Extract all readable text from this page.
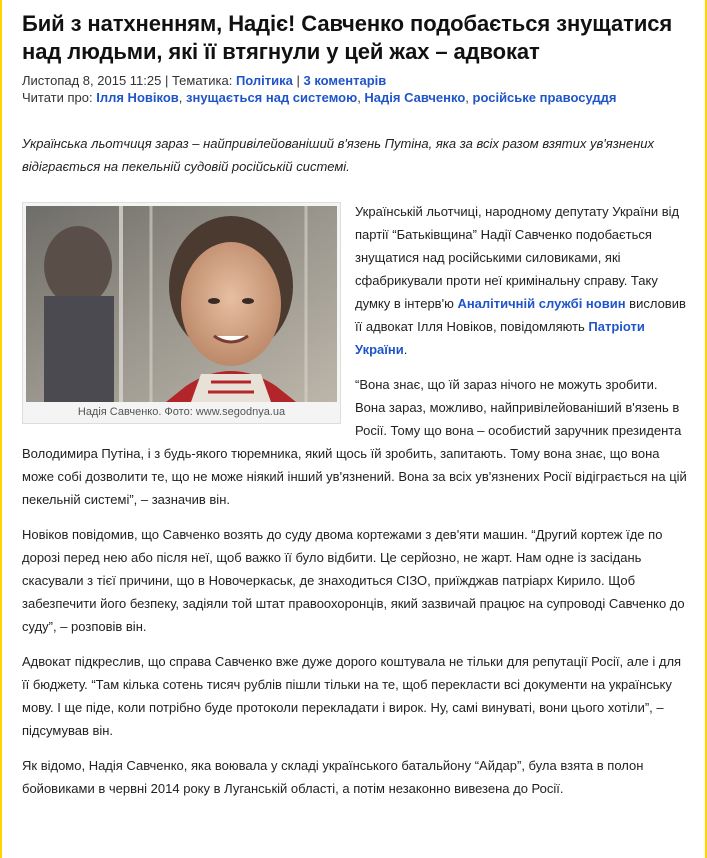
Бий з натхненням, Надіє! Савченко подобається знущатися над людьми, які її втягнули у цей жах – адвокат
Листопад 8, 2015 11:25 | Тематика: Політика | 3 коментарів
Читати про: Ілля Новіков, знущається над системою, Надія Савченко, російське правосуддя
Українська льотчиця зараз – найпривілейованіший в'язень Путіна, яка за всіх разом взятих ув'язнених відіграється на пекельній судовій російській системі.
Надія Савченко. Фото: www.segodnya.ua

Українській льотчиці, народному депутату України від партії “Батьківщина” Надії Савченко подобається знущатися над російськими силовиками, які сфабрикували проти неї кримінальну справу. Таку думку в інтерв'ю Аналітичній службі новин висловив її адвокат Ілля Новіков, повідомляють Патріоти України.

“Вона знає, що їй зараз нічого не можуть зробити. Вона зараз, можливо, найпривілейованіший в'язень в Росії. Тому що вона – особистий заручник президента Володимира Путіна, і з будь-якого тюремника, який щось їй зробить, запитають. Тому вона знає, що вона може собі дозволити те, що не може ніякий інший ув'язнений. Вона за всіх ув'язнених Росії відіграється на цій пекельній системі”, – зазначив він.

Новіков повідомив, що Савченко возять до суду двома кортежами з дев'яти машин. “Другий кортеж їде по дорозі перед нею або після неї, щоб важко її було відбити. Це серйозно, не жарт. Нам одне із засідань скасували з тієї причини, що в Новочеркаськ, де знаходиться СІЗО, приїжджав патріарх Кирило. Щоб забезпечити його безпеку, задіяли той штат правоохоронців, який зазвичай працює на супроводі Савченко до суду”, – розповів він.

Адвокат підкреслив, що справа Савченко вже дуже дорого коштувала не тільки для репутації Росії, але і для її бюджету. “Там кілька сотень тисяч рублів пішли тільки на те, щоб перекласти всі документи на українську мову. І ще піде, коли потрібно буде протоколи перекладати і вирок. Ну, самі винуваті, вони цього хотіли”, – підсумував він.

Як відомо, Надія Савченко, яка воювала у складі українського батальйону “Айдар”, була взята в полон бойовиками в червні 2014 року в Луганській області, а потім незаконно вивезена до Росії.
